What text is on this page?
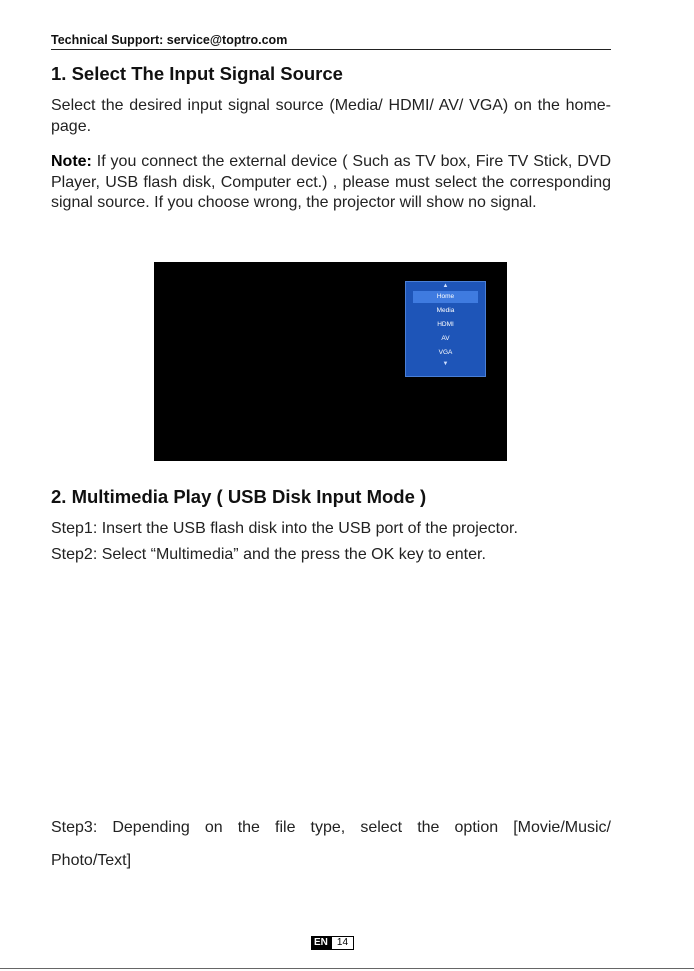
Technical Support: service@toptro.com
1. Select The Input Signal Source

Select the desired input signal source (Media/ HDMI/ AV/ VGA) on the home-page.

Note: If you connect the external device ( Such as TV box, Fire TV Stick, DVD Player, USB flash disk, Computer ect.) , please must select the corresponding signal source. If you choose wrong, the projector will show no signal.

▲
Home
Media
HDMI
AV
VGA
▼
2. Multimedia Play ( USB Disk Input Mode )
Step1: Insert the USB flash disk into the USB port of the projector.
Step2: Select “Multimedia” and the press the OK key to enter.

Step3: Depending on the file type, select the option [Movie/Music/

Photo/Text]
EN 14
